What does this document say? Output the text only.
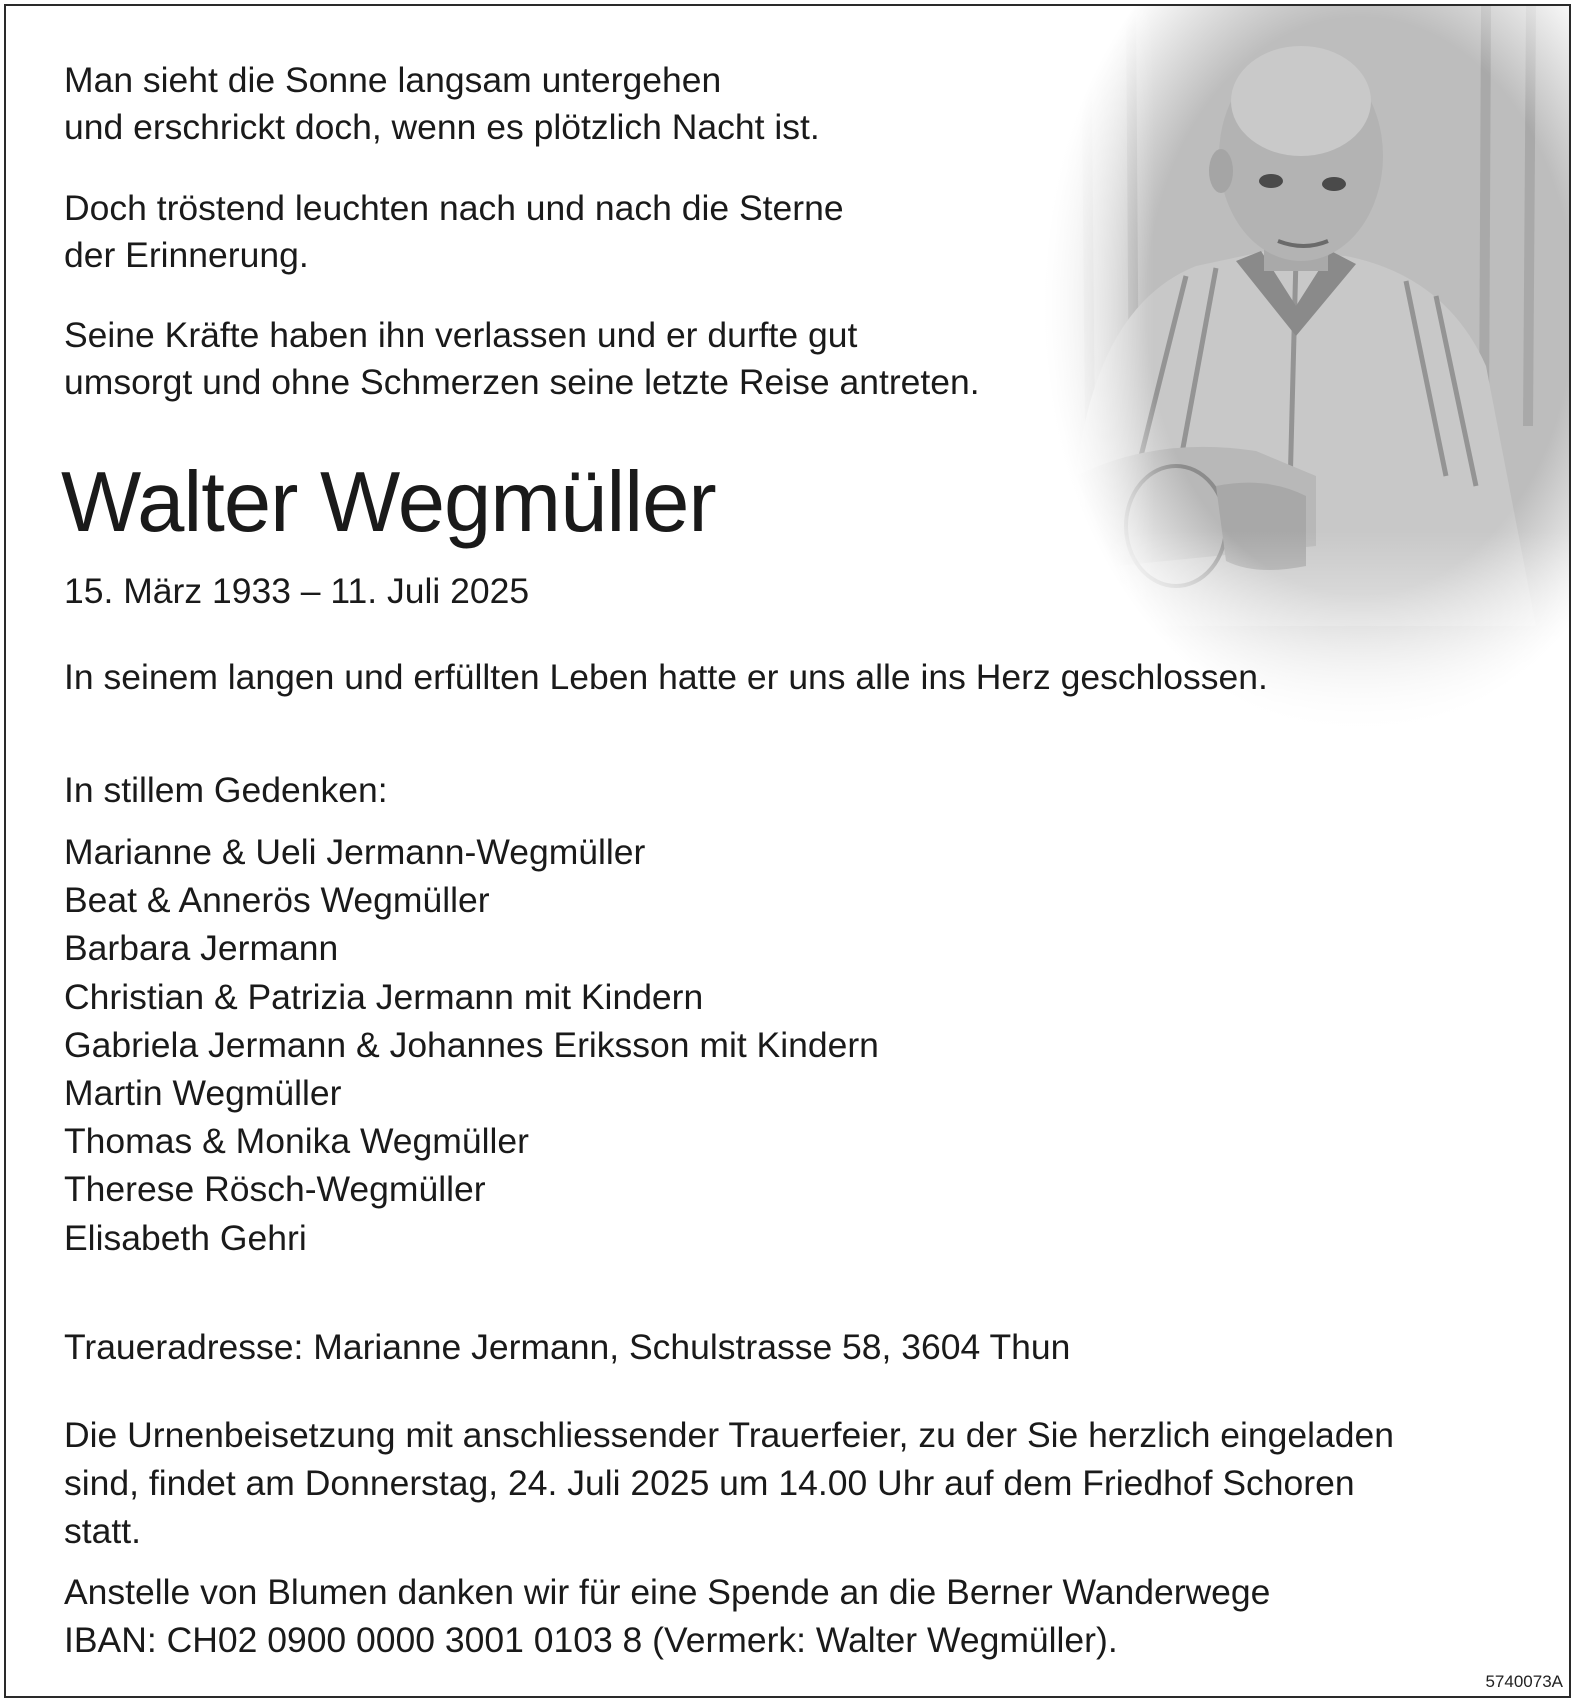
Man sieht die Sonne langsam untergehen
und erschrickt doch, wenn es plötzlich Nacht ist.
Doch tröstend leuchten nach und nach die Sterne
der Erinnerung.
Seine Kräfte haben ihn verlassen und er durfte gut
umsorgt und ohne Schmerzen seine letzte Reise antreten.
Walter Wegmüller
15. März 1933 – 11. Juli 2025
In seinem langen und erfüllten Leben hatte er uns alle ins Herz geschlossen.
In stillem Gedenken:
Marianne & Ueli Jermann-Wegmüller
Beat & Annerös Wegmüller
Barbara Jermann
Christian & Patrizia Jermann mit Kindern
Gabriela Jermann & Johannes Eriksson mit Kindern
Martin Wegmüller
Thomas & Monika Wegmüller
Therese Rösch-Wegmüller
Elisabeth Gehri
Traueradresse: Marianne Jermann, Schulstrasse 58, 3604 Thun
Die Urnenbeisetzung mit anschliessender Trauerfeier, zu der Sie herzlich eingeladen
sind, findet am Donnerstag, 24. Juli 2025 um 14.00 Uhr auf dem Friedhof Schoren
statt.
Anstelle von Blumen danken wir für eine Spende an die Berner Wanderwege
IBAN: CH02 0900 0000 3001 0103 8 (Vermerk: Walter Wegmüller).
5740073A
